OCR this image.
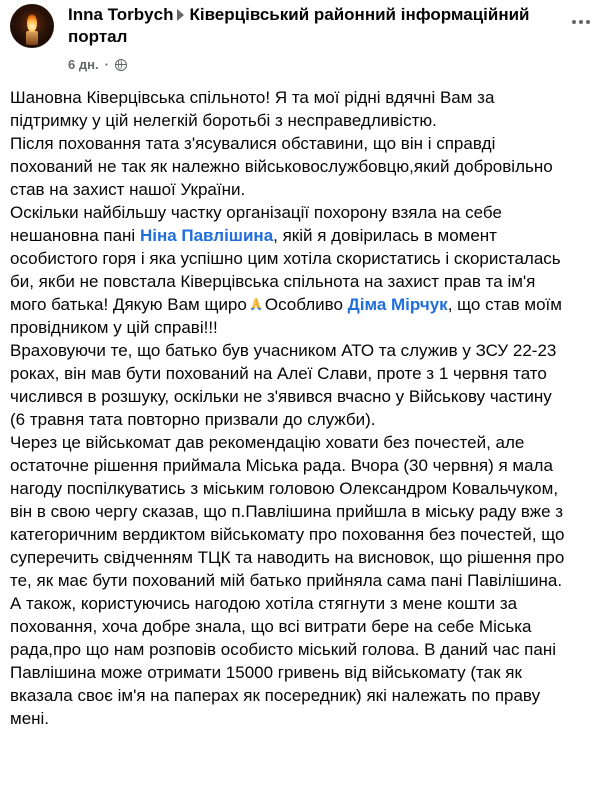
Inna Torbych Ківерцівський районний інформаційний портал
6 дн. ·

Шановна Ківерцівська спільното! Я та мої рідні вдячні Вам за підтримку у цій нелегкій боротьбі з несправедливістю.

Після поховання тата з'ясувалися обставини, що він і справді похований не так як належно військовослужбовцю,який добровільно став на захист нашої України.

Оскільки найбільшу частку організації похорону взяла на себе нешановна пані Ніна Павлішина, якій я довірилась в момент особистого горя і яка успішно цим хотіла скористатись і скористалась би, якби не повстала Ківерцівська спільнота на захист прав та ім'я мого батька! Дякую Вам щиро Особливо Діма Мірчук, що став моїм провідником у цій справі!!!

Враховуючи те, що батько був учасником АТО та служив у ЗСУ 22-23 роках, він мав бути похований на Алеї Слави, проте з 1 червня тато числився в розшуку, оскільки не з'явився вчасно у Військову частину (6 травня тата повторно призвали до служби).

Через це військомат дав рекомендацію ховати без почестей, але остаточне рішення приймала Міська рада. Вчора (30 червня) я мала нагоду поспілкуватись з міським головою Олександром Ковальчуком, він в свою чергу сказав, що п.Павлішина прийшла в міську раду вже з категоричним вердиктом військомату про поховання без почестей, що суперечить свідченням ТЦК та наводить на висновок, що рішення про те, як має бути похований мій батько прийняла сама пані Павілішина. А також, користуючись нагодою хотіла стягнути з мене кошти за поховання, хоча добре знала, що всі витрати бере на себе Міська рада,про що нам розповів особисто міський голова. В даний час пані Павлішина може отримати 15000 гривень від військомату (так як вказала своє ім'я на паперах як посередник) які належать по праву мені.
